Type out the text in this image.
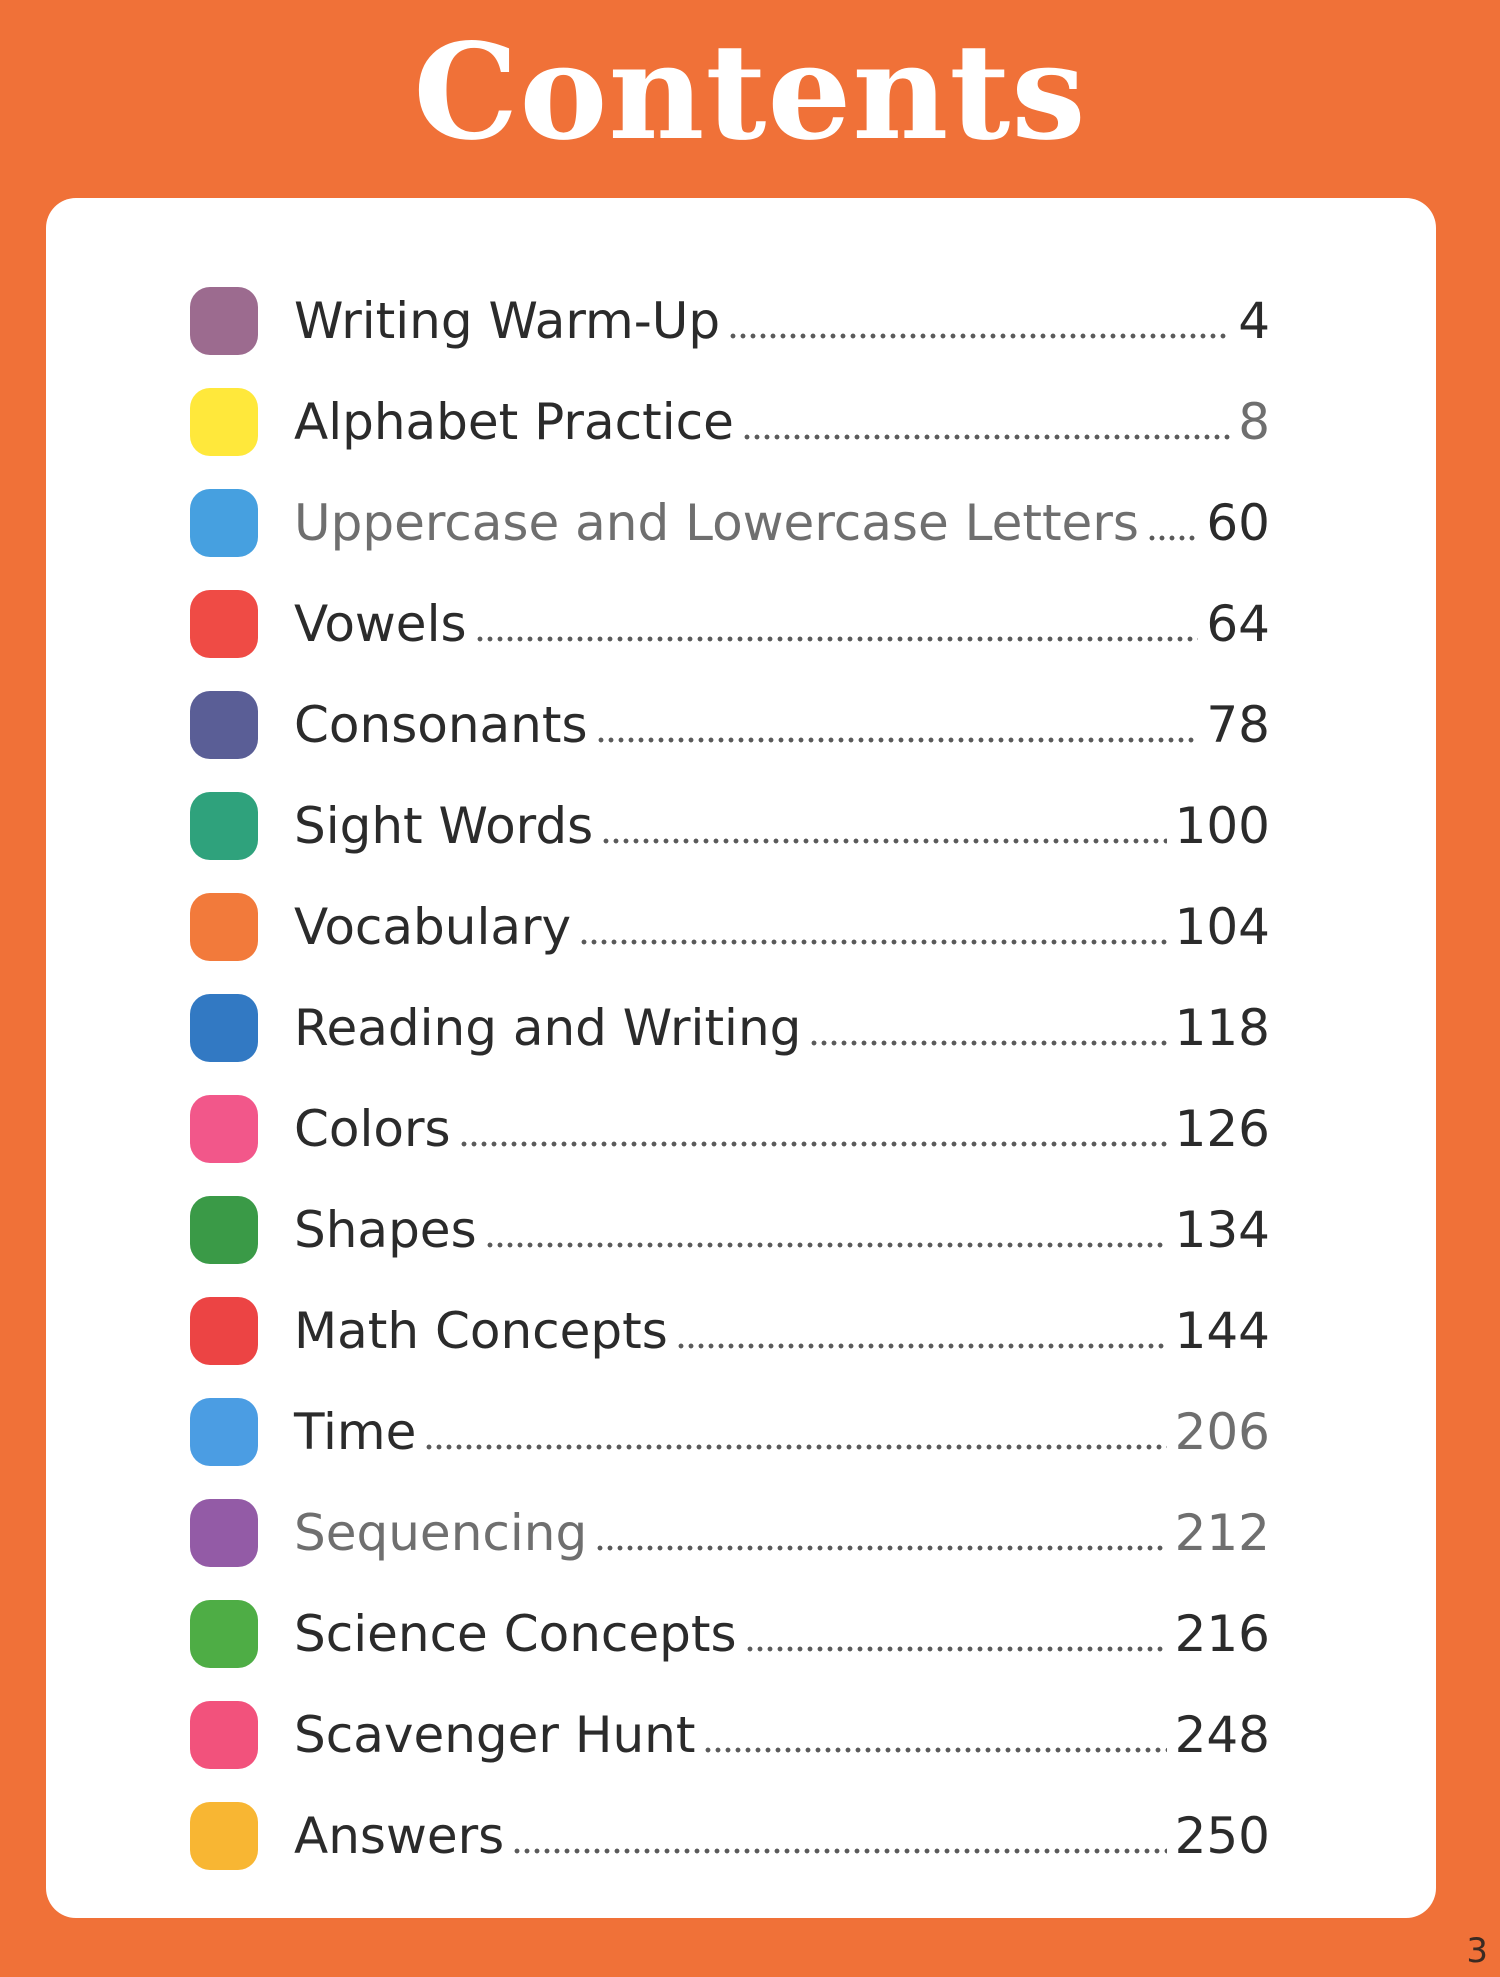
Contents
Writing Warm-Up	4
Alphabet Practice	8
Uppercase and Lowercase Letters 60
Vowels	64
Consonants	78
Sight Words	100
Vocabulary	104
Reading and Writing	118
Colors	126
Shapes	134
Math Concepts	144
Time	206
Sequencing	212
Science Concepts	216
Scavenger Hunt	248
Answers	250
3
